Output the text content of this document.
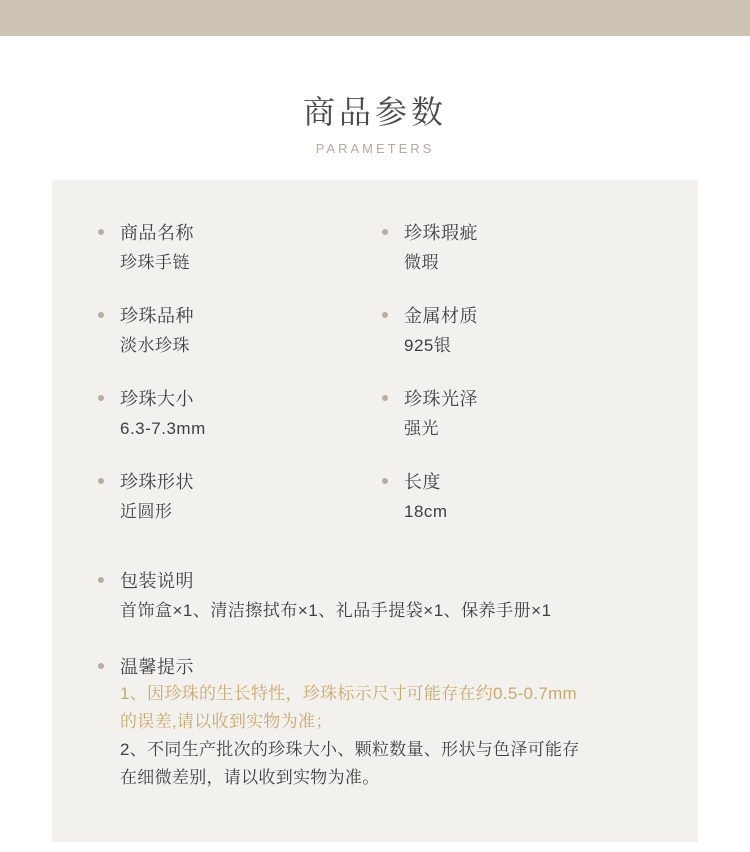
商品参数
PARAMETERS
商品名称
珍珠手链
珍珠品种
淡水珍珠
珍珠大小
6.3-7.3mm
珍珠形状
近圆形
珍珠瑕疵
微瑕
金属材质
925银
珍珠光泽
强光
长度
18cm
包装说明
首饰盒×1、清洁擦拭布×1、礼品手提袋×1、保养手册×1
温馨提示
1、因珍珠的生长特性，珍珠标示尺寸可能存在约0.5-0.7mm
的误差,请以收到实物为准；
2、不同生产批次的珍珠大小、颗粒数量、形状与色泽可能存
在细微差别，请以收到实物为准。
